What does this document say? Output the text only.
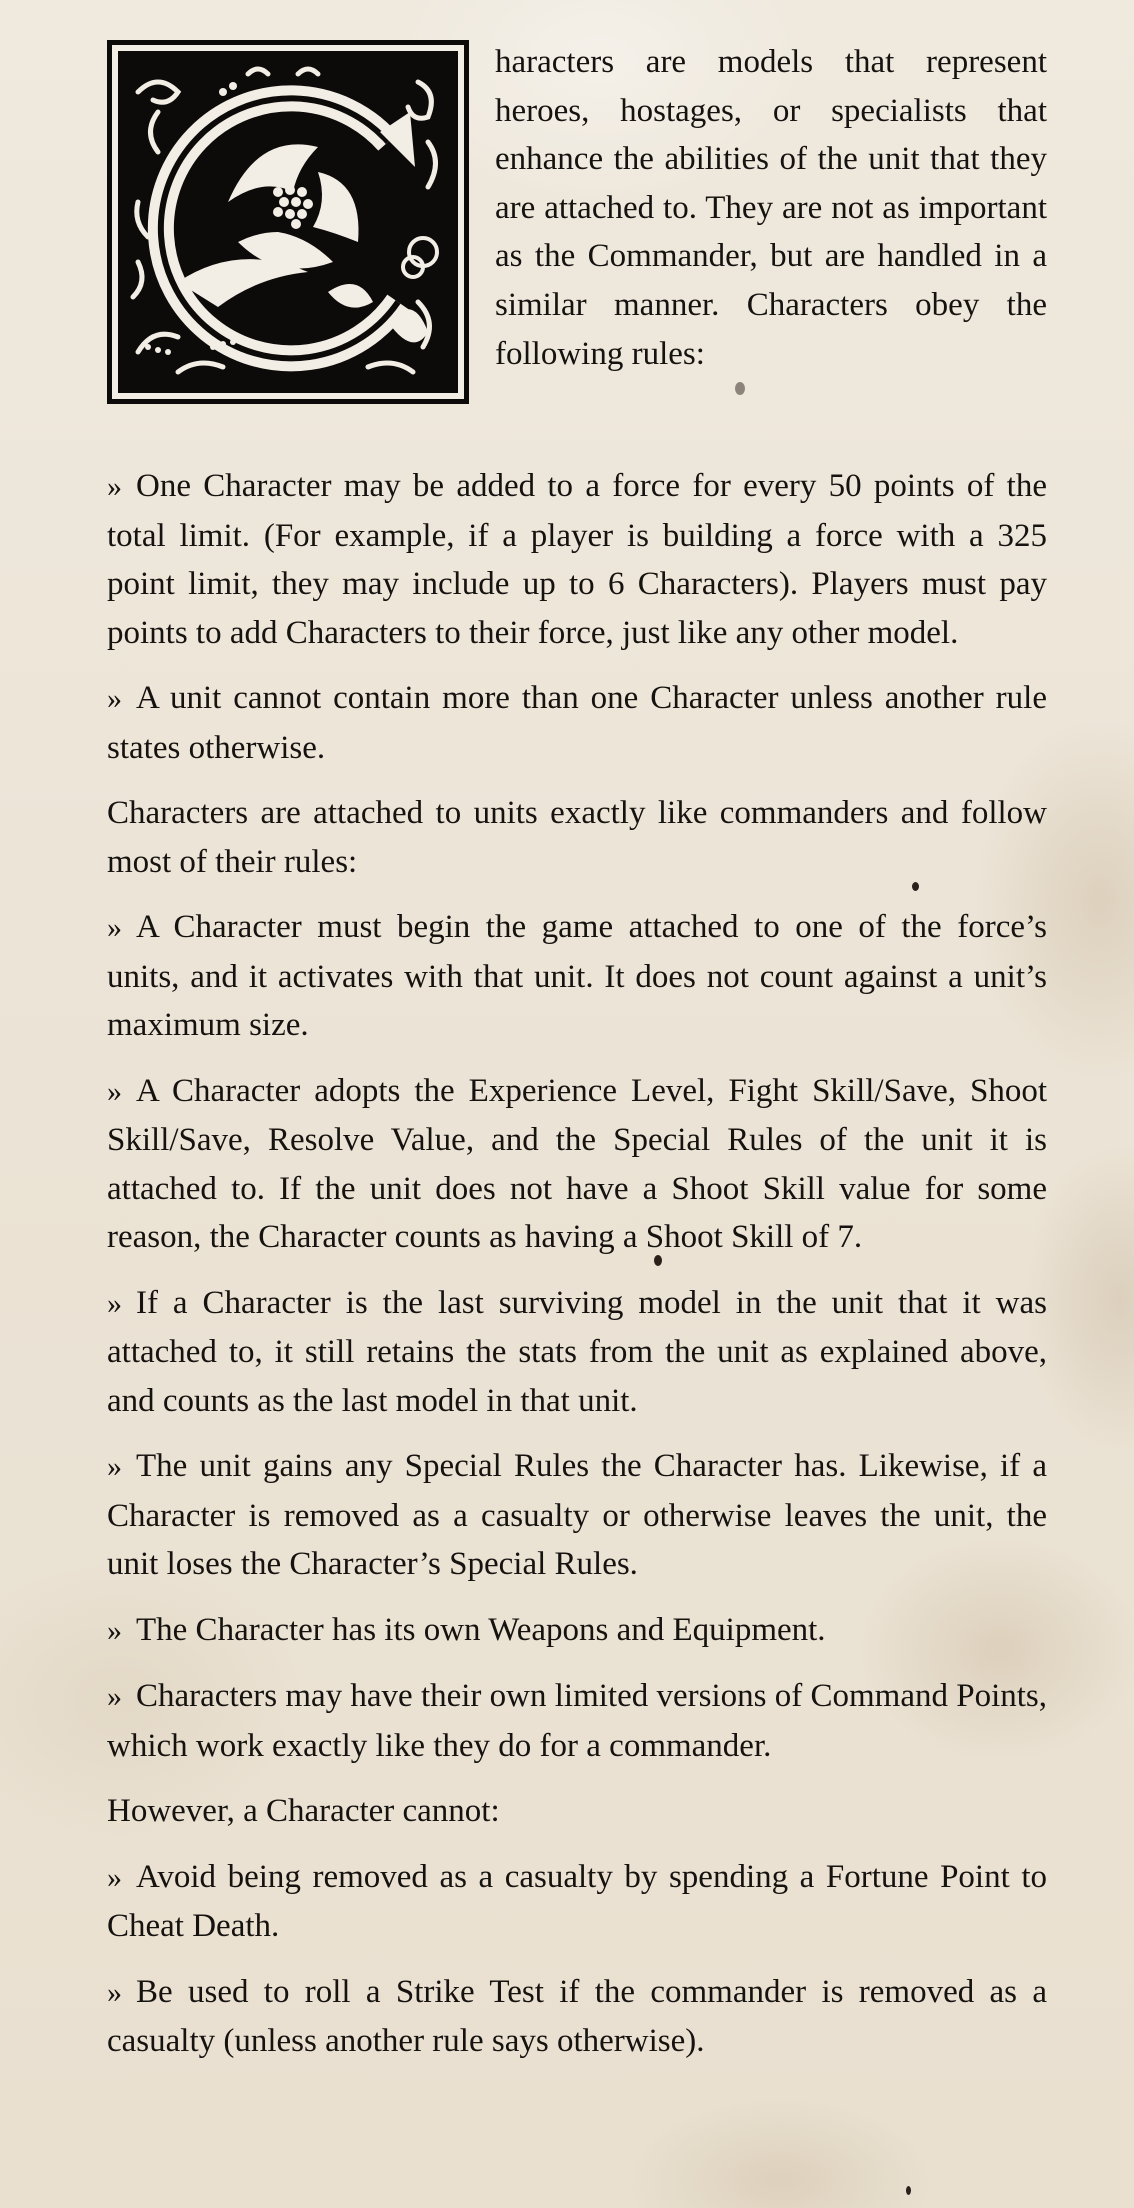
haracters are models that represent heroes, hostages, or specialists that enhance the abilities of the unit that they are attached to. They are not as important as the Commander, but are handled in a similar manner. Characters obey the following rules:

» One Character may be added to a force for every 50 points of the total limit. (For example, if a player is building a force with a 325 point limit, they may include up to 6 Characters). Players must pay points to add Characters to their force, just like any other model.

» A unit cannot contain more than one Character unless another rule states otherwise.

Characters are attached to units exactly like commanders and follow most of their rules:

» A Character must begin the game attached to one of the force’s units, and it activates with that unit. It does not count against a unit’s maximum size.

» A Character adopts the Experience Level, Fight Skill/Save, Shoot Skill/Save, Resolve Value, and the Special Rules of the unit it is attached to. If the unit does not have a Shoot Skill value for some reason, the Character counts as having a Shoot Skill of 7.

» If a Character is the last surviving model in the unit that it was attached to, it still retains the stats from the unit as explained above, and counts as the last model in that unit.

» The unit gains any Special Rules the Character has. Likewise, if a Character is removed as a casualty or otherwise leaves the unit, the unit loses the Character’s Special Rules.

» The Character has its own Weapons and Equipment.

» Characters may have their own limited versions of Command Points, which work exactly like they do for a commander.

However, a Character cannot:

» Avoid being removed as a casualty by spending a Fortune Point to Cheat Death.

» Be used to roll a Strike Test if the commander is removed as a casualty (unless another rule says otherwise).
